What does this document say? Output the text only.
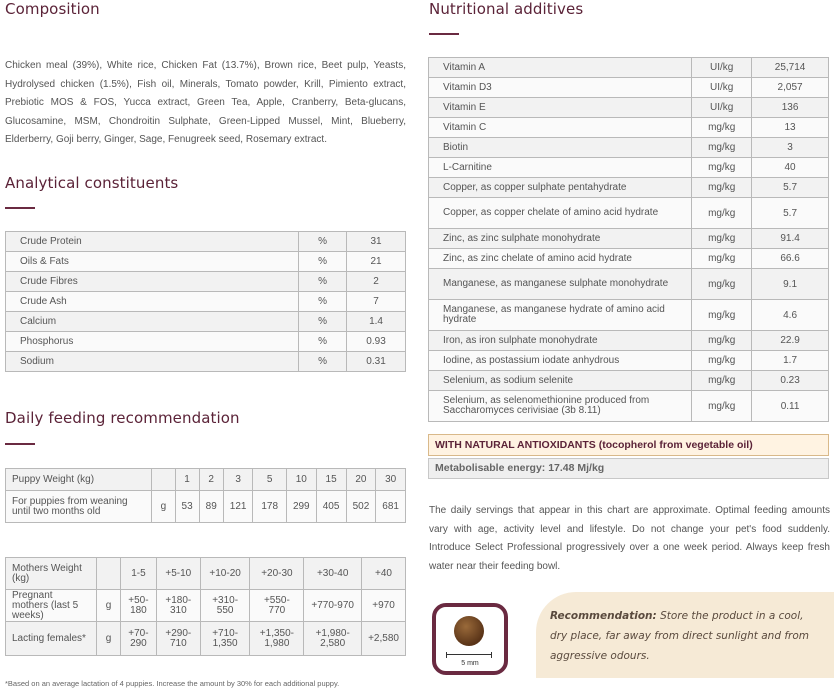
Composition
Chicken meal (39%), White rice, Chicken Fat (13.7%), Brown rice, Beet pulp, Yeasts, Hydrolysed chicken (1.5%), Fish oil, Minerals, Tomato powder, Krill, Pimiento extract, Prebiotic MOS & FOS, Yucca extract, Green Tea, Apple, Cranberry, Beta-glucans, Glucosamine, MSM, Chondroitin Sulphate, Green-Lipped Mussel, Mint, Blueberry, Elderberry, Goji berry, Ginger, Sage, Fenugreek seed, Rosemary extract.
Analytical constituents
Crude Protein	%	31
Oils & Fats	%	21
Crude Fibres	%	2
Crude Ash	%	7
Calcium	%	1.4
Phosphorus	%	0.93
Sodium	%	0.31
Daily feeding recommendation
Puppy Weight (kg)		1	2	3	5	10	15	20	30
For puppies from weaning until two months old	g	53	89	121	178	299	405	502	681
Mothers Weight (kg)		1-5	+5-10	+10-20	+20-30	+30-40	+40
Pregnant mothers (last 5 weeks)	g	+50-180	+180-310	+310-550	+550-770	+770-970	+970
Lacting females*	g	+70-290	+290-710	+710-1,350	+1,350-1,980	+1,980-2,580	+2,580
*Based on an average lactation of 4 puppies. Increase the amount by 30% for each additional puppy.
Nutritional additives
Vitamin A	UI/kg	25,714
Vitamin D3	UI/kg	2,057
Vitamin E	UI/kg	136
Vitamin C	mg/kg	13
Biotin	mg/kg	3
L-Carnitine	mg/kg	40
Copper, as copper sulphate pentahydrate	mg/kg	5.7
Copper, as copper chelate of amino acid hydrate	mg/kg	5.7
Zinc, as zinc sulphate monohydrate	mg/kg	91.4
Zinc, as zinc chelate of amino acid hydrate	mg/kg	66.6
Manganese, as manganese sulphate monohydrate	mg/kg	9.1
Manganese, as manganese hydrate of amino acid hydrate	mg/kg	4.6
Iron, as iron sulphate monohydrate	mg/kg	22.9
Iodine, as postassium iodate anhydrous	mg/kg	1.7
Selenium, as sodium selenite	mg/kg	0.23
Selenium, as selenomethionine produced from Saccharomyces cerivisiae (3b 8.11)	mg/kg	0.11
WITH NATURAL ANTIOXIDANTS (tocopherol from vegetable oil)
Metabolisable energy: 17.48 Mj/kg
The daily servings that appear in this chart are approximate. Optimal feeding amounts vary with age, activity level and lifestyle. Do not change your pet's food suddenly. Introduce Select Professional progressively over a one week period. Always keep fresh water near their feeding bowl.
5 mm
Recommendation: Store the product in a cool, dry place, far away from direct sunlight and from aggressive odours.
